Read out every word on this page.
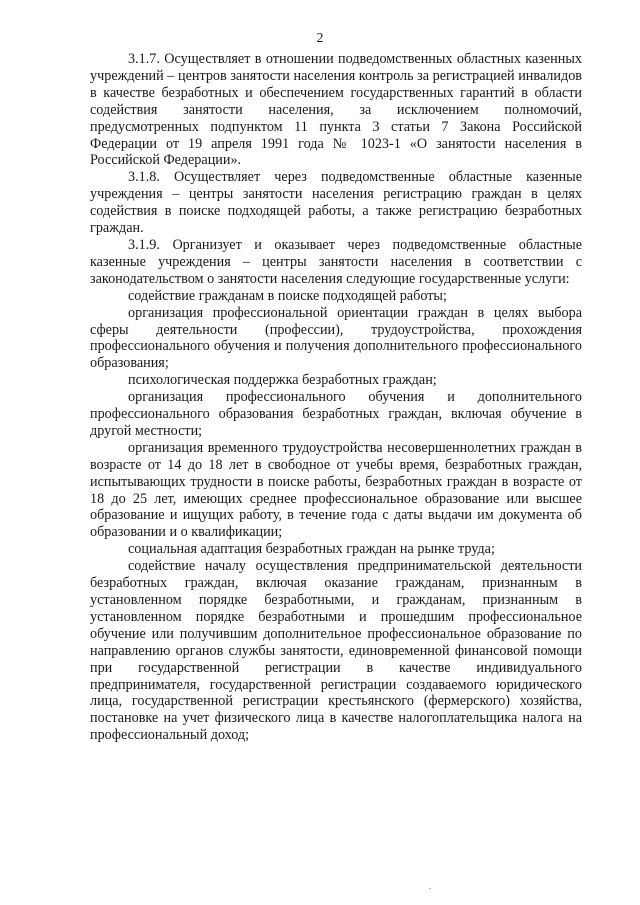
2

3.1.7. Осуществляет в отношении подведомственных областных казенных учреждений – центров занятости населения контроль за регистрацией инвалидов в качестве безработных и обеспечением государственных гарантий в области содействия занятости населения, за исключением полномочий, предусмотренных подпунктом 11 пункта 3 статьи 7 Закона Российской Федерации от 19 апреля 1991 года № 1023-1 «О занятости населения в Российской Федерации».

3.1.8. Осуществляет через подведомственные областные казенные учреждения – центры занятости населения регистрацию граждан в целях содействия в поиске подходящей работы, а также регистрацию безработных граждан.

3.1.9. Организует и оказывает через подведомственные областные казенные учреждения – центры занятости населения в соответствии с законодательством о занятости населения следующие государственные услуги:

содействие гражданам в поиске подходящей работы;

организация профессиональной ориентации граждан в целях выбора сферы деятельности (профессии), трудоустройства, прохождения профессионального обучения и получения дополнительного профессионального образования;

психологическая поддержка безработных граждан;

организация профессионального обучения и дополнительного профессионального образования безработных граждан, включая обучение в другой местности;

организация временного трудоустройства несовершеннолетних граждан в возрасте от 14 до 18 лет в свободное от учебы время, безработных граждан, испытывающих трудности в поиске работы, безработных граждан в возрасте от 18 до 25 лет, имеющих среднее профессиональное образование или высшее образование и ищущих работу, в течение года с даты выдачи им документа об образовании и о квалификации;

социальная адаптация безработных граждан на рынке труда;

содействие началу осуществления предпринимательской деятельности безработных граждан, включая оказание гражданам, признанным в установленном порядке безработными, и гражданам, признанным в установленном порядке безработными и прошедшим профессиональное обучение или получившим дополнительное профессиональное образование по направлению органов службы занятости, единовременной финансовой помощи при государственной регистрации в качестве индивидуального предпринимателя, государственной регистрации создаваемого юридического лица, государственной регистрации крестьянского (фермерского) хозяйства, постановке на учет физического лица в качестве налогоплательщика налога на профессиональный доход;
